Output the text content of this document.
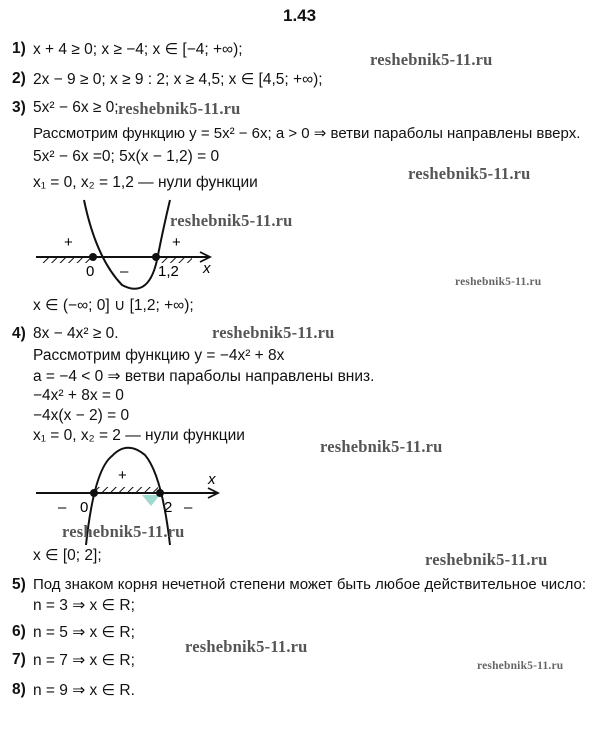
1.43
1) x + 4 ≥ 0; x ≥ −4; x ∈ [−4; +∞);
2) 2x − 9 ≥ 0; x ≥ 9 : 2; x ≥ 4,5; x ∈ [4,5; +∞);
3) 5x² − 6x ≥ 0;
Рассмотрим функцию y = 5x² − 6x; a > 0 ⇒ ветви параболы направлены вверх.
5x² − 6x =0; 5x(x − 1,2) = 0
x₁ = 0, x₂ = 1,2 — нули функции
+	+
–
0	1,2 x
x ∈ (−∞; 0] ∪ [1,2; +∞);
4) 8x − 4x² ≥ 0.
Рассмотрим функцию y = −4x² + 8x
a = −4 < 0 ⇒ ветви параболы направлены вниз.
−4x² + 8x = 0
−4x(x − 2) = 0
x₁ = 0, x₂ = 2 — нули функции
+
– 0	2 –
x
x ∈ [0; 2];
5) Под знаком корня нечетной степени может быть любое действительное число:
n = 3 ⇒ x ∈ R;
6) n = 5 ⇒ x ∈ R;
7) n = 7 ⇒ x ∈ R;
8) n = 9 ⇒ x ∈ R.
reshebnik5-11.ru
reshebnik5-11.ru
reshebnik5-11.ru
reshebnik5-11.ru
reshebnik5-11.ru
reshebnik5-11.ru
reshebnik5-11.ru
reshebnik5-11.ru
reshebnik5-11.ru
reshebnik5-11.ru
reshebnik5-11.ru
